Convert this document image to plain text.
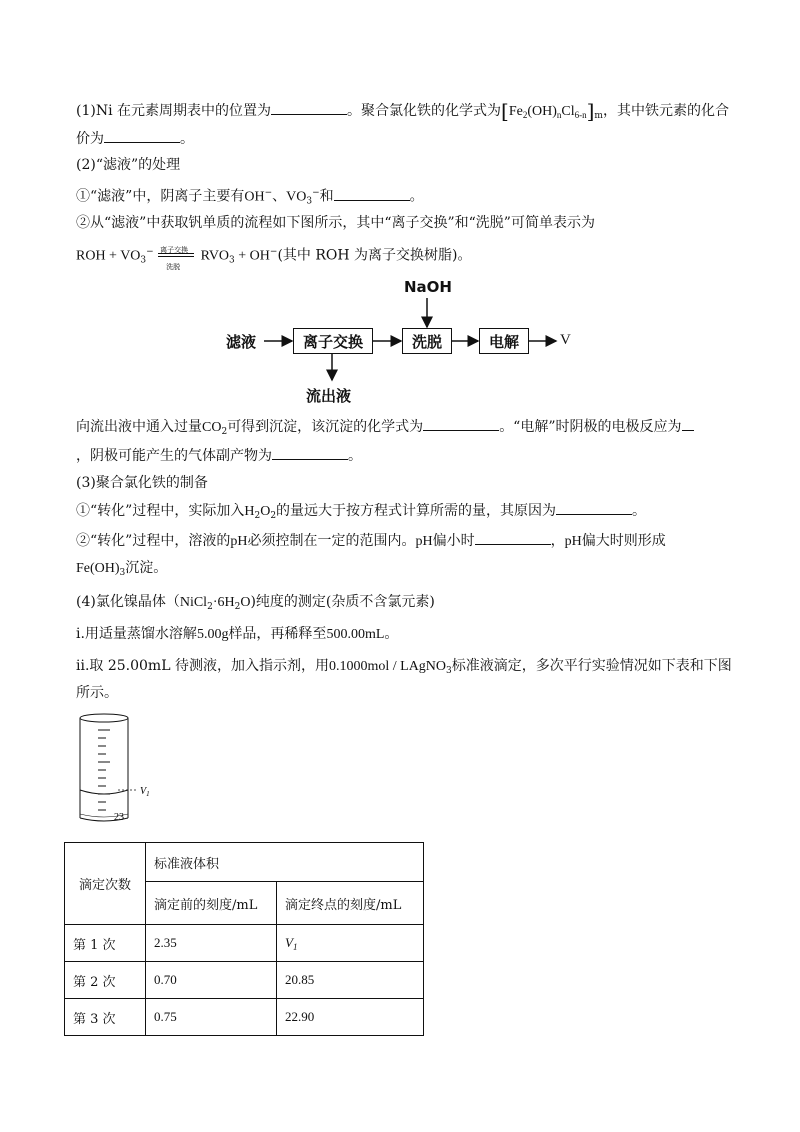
(1)Ni 在元素周期表中的位置为	。聚合氯化铁的化学式为$[Fe_2(OH)_nCl_{6-n}]_m$，其中铁元素的化合
价为	。
(2)“滤液”的处理
①“滤液”中，阴离子主要有OH−、$VO_3^-$和	。
②从“滤液”中获取钒单质的流程如下图所示，其中“离子交换”和“洗脱”可简单表示为
ROH + $VO_3^-$ 离子交换
洗脱
$RVO_3 + OH^-$(其中 ROH 为离子交换树脂)。
NaOH
滤液	离子交换	洗脱	电解	V
流出液
向流出液中通入过量$CO_2$可得到沉淀，该沉淀的化学式为	。“电解”时阴极的电极反应为
，阴极可能产生的气体副产物为	。
(3)聚合氯化铁的制备
①“转化”过程中，实际加入$H_2O_2$的量远大于按方程式计算所需的量，其原因为	。
②“转化”过程中，溶液的pH必须控制在一定的范围内。pH偏小时	，pH偏大时则形成
$Fe(OH)_3$沉淀。
(4)氯化镍晶体$(NiCl_2\cdot 6H_2O)$纯度的测定(杂质不含氯元素)
ⅰ.用适量蒸馏水溶解5.00g样品，再稀释至500.00mL。
ⅱ.取 25.00mL 待测液，加入指示剂，用0.1000mol / LAgNO$_3$标准液滴定，多次平行实验情况如下表和下图
所示。
$V_1$
23
滴定次数	标准液体积	
	滴定前的刻度/mL	滴定终点的刻度/mL
第 1 次	2.35	$V_1$
第 2 次	0.70	20.85
第 3 次	0.75	22.90
